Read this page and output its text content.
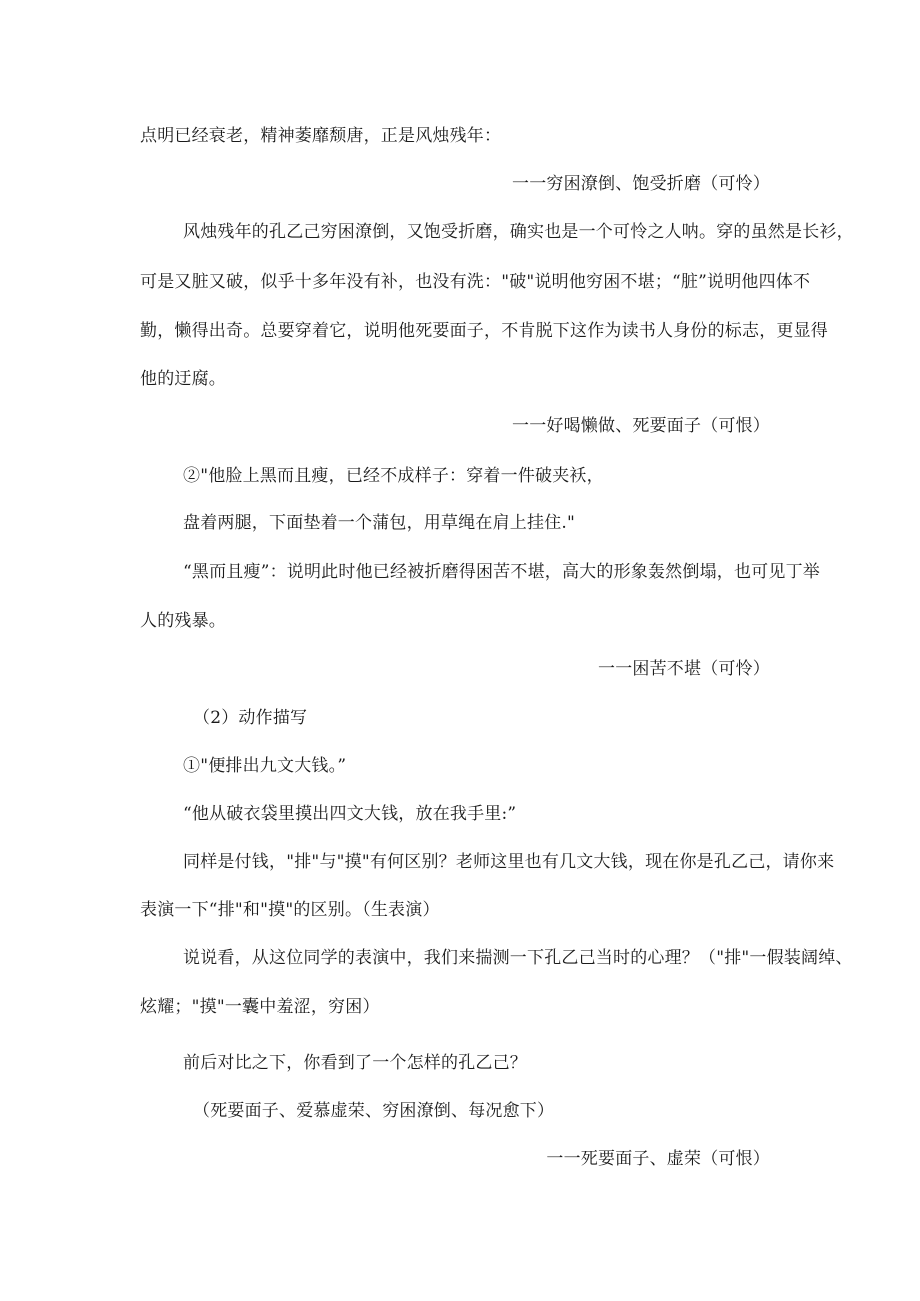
点明已经衰老，精神萎靡颓唐，正是风烛残年：
一一穷困潦倒、饱受折磨（可怜）
风烛残年的孔乙己穷困潦倒，又饱受折磨，确实也是一个可怜之人呐。穿的虽然是长衫，
可是又脏又破，似乎十多年没有补，也没有洗："破"说明他穷困不堪；“脏”说明他四体不
勤，懒得出奇。总要穿着它，说明他死要面子，不肯脱下这作为读书人身份的标志，更显得
他的迂腐。
一一好喝懒做、死要面子（可恨）
②"他脸上黑而且瘦，已经不成样子：穿着一件破夹袄，
盘着两腿，下面垫着一个蒲包，用草绳在肩上挂住."
“黑而且瘦”：说明此时他已经被折磨得困苦不堪，高大的形象轰然倒塌，也可见丁举
人的残暴。
一一困苦不堪（可怜）
（2）动作描写
①"便排出九文大钱。”
“他从破衣袋里摸出四文大钱，放在我手里:”
同样是付钱，"排"与"摸"有何区别？老师这里也有几文大钱，现在你是孔乙己，请你来
表演一下“排"和"摸"的区别。（生表演）
说说看，从这位同学的表演中，我们来揣测一下孔乙己当时的心理？（"排"一假装阔绰、
炫耀；"摸"一囊中羞涩，穷困）
前后对比之下，你看到了一个怎样的孔乙己？
（死要面子、爱慕虚荣、穷困潦倒、每况愈下）
一一死要面子、虚荣（可恨）
